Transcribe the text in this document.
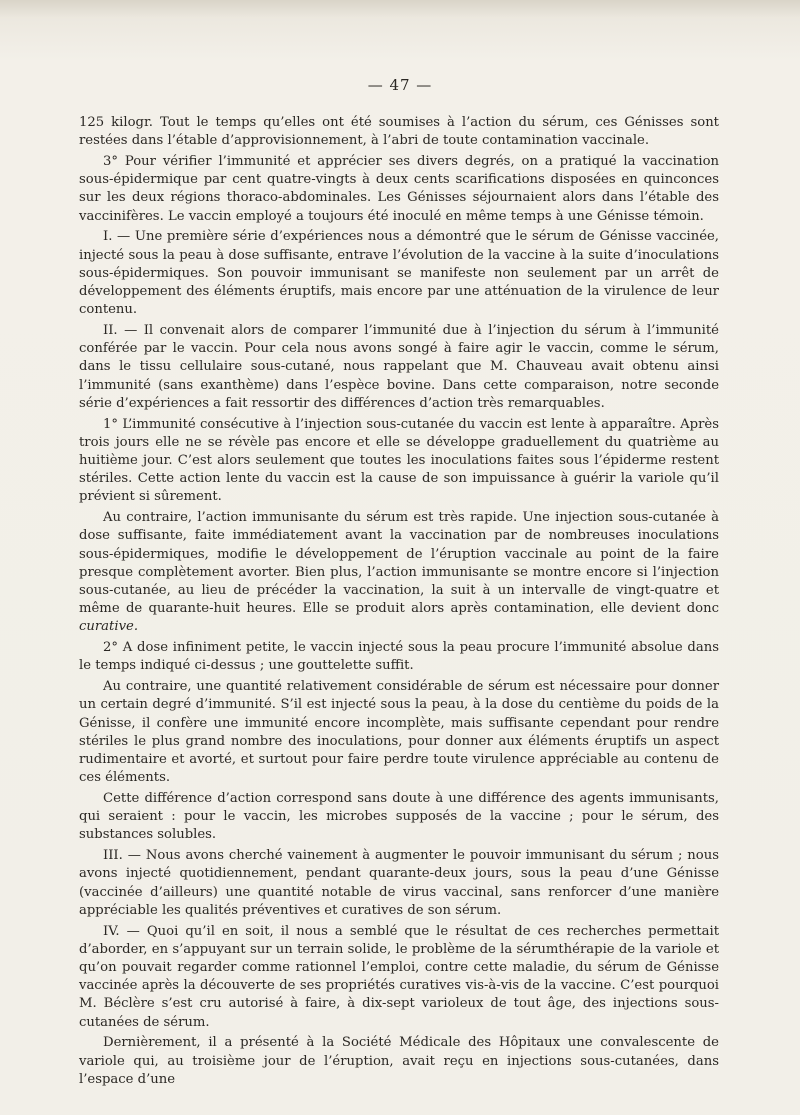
— 47 —

125 kilogr. Tout le temps qu’elles ont été soumises à l’action du sérum, ces Génisses sont restées dans l’étable d’approvisionnement, à l’abri de toute contamination vaccinale.

3° Pour vérifier l’immunité et apprécier ses divers degrés, on a pratiqué la vaccination sous-épidermique par cent quatre-vingts à deux cents scarifications disposées en quinconces sur les deux régions thoraco-abdominales. Les Génisses séjournaient alors dans l’étable des vaccinifères. Le vaccin employé a toujours été inoculé en même temps à une Génisse témoin.

I. — Une première série d’expériences nous a démontré que le sérum de Génisse vaccinée, injecté sous la peau à dose suffisante, entrave l’évolution de la vaccine à la suite d’inoculations sous-épidermiques. Son pouvoir immunisant se manifeste non seulement par un arrêt de développement des éléments éruptifs, mais encore par une atténuation de la virulence de leur contenu.

II. — Il convenait alors de comparer l’immunité due à l’injection du sérum à l’immunité conférée par le vaccin. Pour cela nous avons songé à faire agir le vaccin, comme le sérum, dans le tissu cellulaire sous-cutané, nous rappelant que M. Chauveau avait obtenu ainsi l’immunité (sans exanthème) dans l’espèce bovine. Dans cette comparaison, notre seconde série d’expériences a fait ressortir des différences d’action très remarquables.

1° L’immunité consécutive à l’injection sous-cutanée du vaccin est lente à apparaître. Après trois jours elle ne se révèle pas encore et elle se développe graduellement du quatrième au huitième jour. C’est alors seulement que toutes les inoculations faites sous l’épiderme restent stériles. Cette action lente du vaccin est la cause de son impuissance à guérir la variole qu’il prévient si sûrement.

Au contraire, l’action immunisante du sérum est très rapide. Une injection sous-cutanée à dose suffisante, faite immédiatement avant la vaccination par de nombreuses inoculations sous-épidermiques, modifie le développement de l’éruption vaccinale au point de la faire presque complètement avorter. Bien plus, l’action immunisante se montre encore si l’injection sous-cutanée, au lieu de précéder la vaccination, la suit à un intervalle de vingt-quatre et même de quarante-huit heures. Elle se produit alors après contamination, elle devient donc curative.

2° A dose infiniment petite, le vaccin injecté sous la peau procure l’immunité absolue dans le temps indiqué ci-dessus ; une gouttelette suffit.

Au contraire, une quantité relativement considérable de sérum est nécessaire pour donner un certain degré d’immunité. S’il est injecté sous la peau, à la dose du centième du poids de la Génisse, il confère une immunité encore incomplète, mais suffisante cependant pour rendre stériles le plus grand nombre des inoculations, pour donner aux éléments éruptifs un aspect rudimentaire et avorté, et surtout pour faire perdre toute virulence appréciable au contenu de ces éléments.

Cette différence d’action correspond sans doute à une différence des agents immunisants, qui seraient : pour le vaccin, les microbes supposés de la vaccine ; pour le sérum, des substances solubles.

III. — Nous avons cherché vainement à augmenter le pouvoir immunisant du sérum ; nous avons injecté quotidiennement, pendant quarante-deux jours, sous la peau d’une Génisse (vaccinée d’ailleurs) une quantité notable de virus vaccinal, sans renforcer d’une manière appréciable les qualités préventives et curatives de son sérum.

IV. — Quoi qu’il en soit, il nous a semblé que le résultat de ces recherches permettait d’aborder, en s’appuyant sur un terrain solide, le problème de la sérumthérapie de la variole et qu’on pouvait regarder comme rationnel l’emploi, contre cette maladie, du sérum de Génisse vaccinée après la découverte de ses propriétés curatives vis-à-vis de la vaccine. C’est pourquoi M. Béclère s’est cru autorisé à faire, à dix-sept varioleux de tout âge, des injections sous-cutanées de sérum.

Dernièrement, il a présenté à la Société Médicale des Hôpitaux une convalescente de variole qui, au troisième jour de l’éruption, avait reçu en injections sous-cutanées, dans l’espace d’une
